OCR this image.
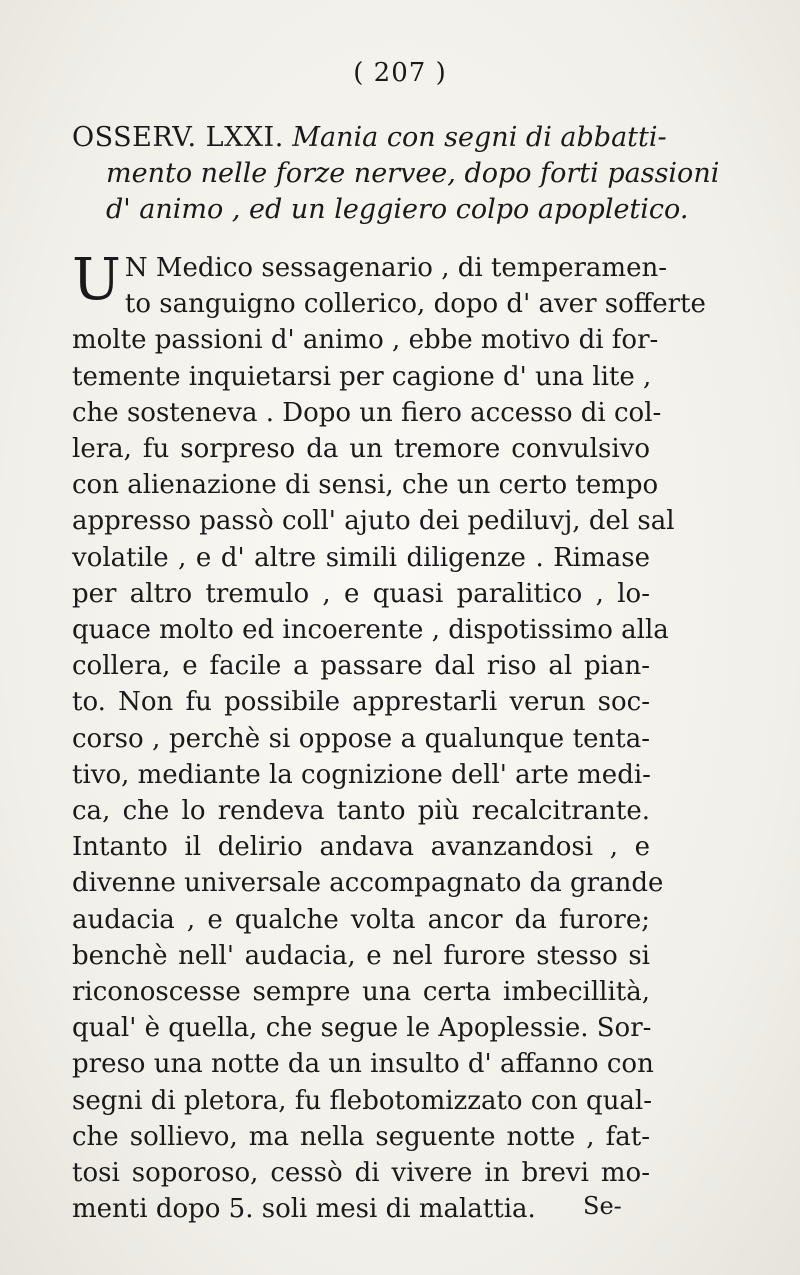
( 207 )
OSSERV. LXXI. Mania con segni di abbatti-
mento nelle forze nervee, dopo forti passioni
d' animo , ed un leggiero colpo apopletico.
U N Medico sessagenario , di temperamen-
to sanguigno collerico, dopo d' aver sofferte
molte passioni d' animo , ebbe motivo di for-
temente inquietarsi per cagione d' una lite ,
che sosteneva . Dopo un fiero accesso di col-
lera, fu sorpreso da un tremore convulsivo
con alienazione di sensi, che un certo tempo
appresso passò coll' ajuto dei pediluvj, del sal
volatile , e d' altre simili diligenze . Rimase
per altro tremulo , e quasi paralitico , lo-
quace molto ed incoerente , dispotissimo alla
collera, e facile a passare dal riso al pian-
to. Non fu possibile apprestarli verun soc-
corso , perchè si oppose a qualunque tenta-
tivo, mediante la cognizione dell' arte medi-
ca, che lo rendeva tanto più recalcitrante.
Intanto il delirio andava avanzandosi , e
divenne universale accompagnato da grande
audacia , e qualche volta ancor da furore;
benchè nell' audacia, e nel furore stesso si
riconoscesse sempre una certa imbecillità,
qual' è quella, che segue le Apoplessie. Sor-
preso una notte da un insulto d' affanno con
segni di pletora, fu flebotomizzato con qual-
che sollievo, ma nella seguente notte , fat-
tosi soporoso, cessò di vivere in brevi mo-
menti dopo 5. soli mesi di malattia.	Se-
